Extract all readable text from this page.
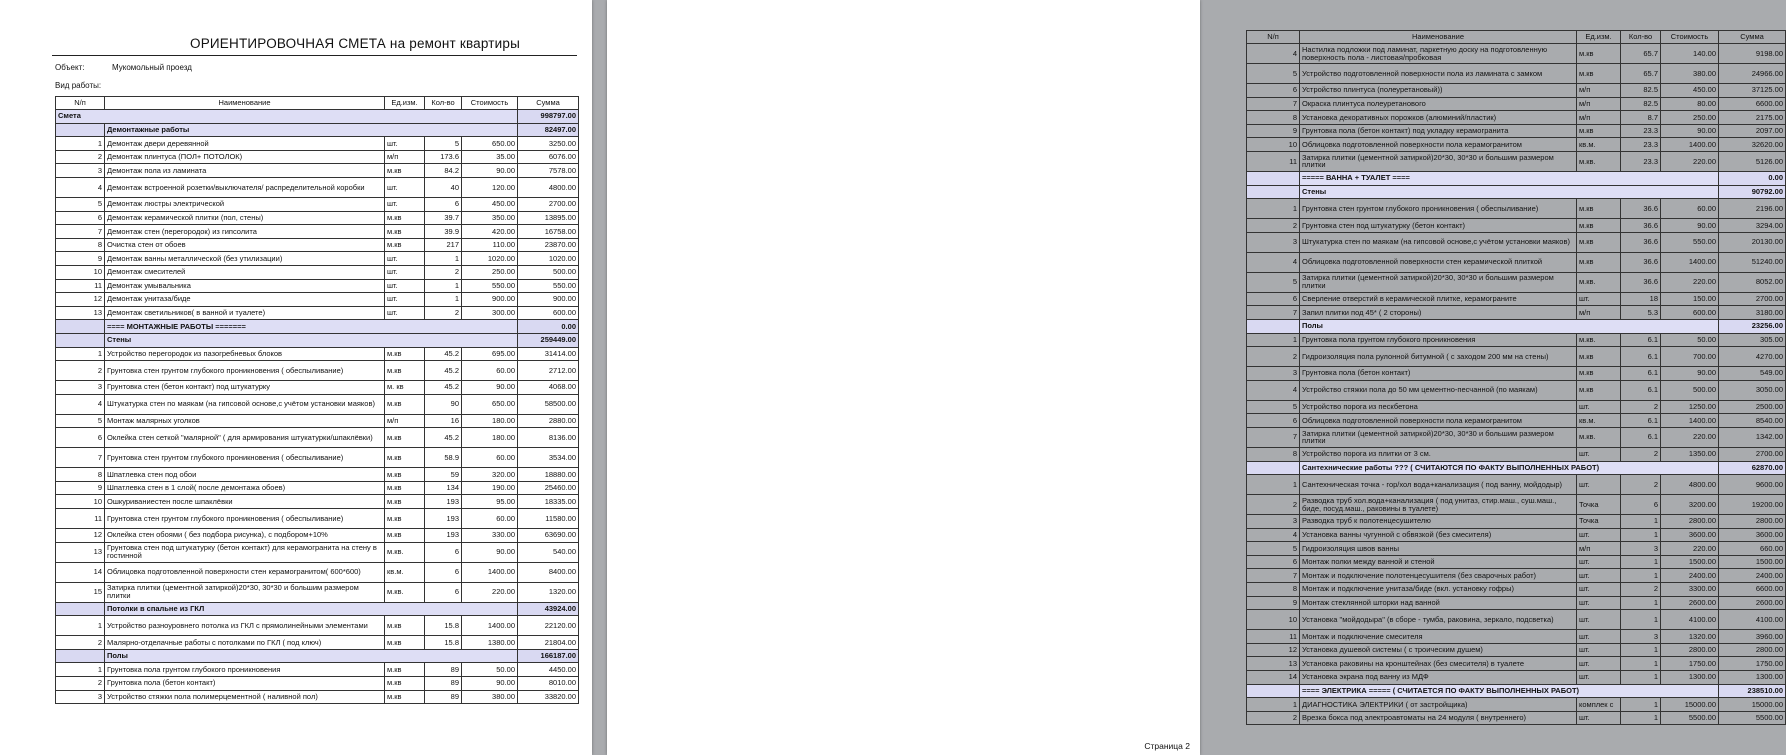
ОРИЕНТИРОВОЧНАЯ СМЕТА на ремонт квартиры
Объект:	Мукомольный проезд
Вид работы:
N/п	Наименование	Ед.изм.	Кол-во	Стоимость	Сумма
Смета					998797.00
	Демонтажные работы				82497.00
1	Демонтаж двери деревянной	шт.	5	650.00	3250.00
2	Демонтаж плинтуса (ПОЛ+ ПОТОЛОК)	м/п	173.6	35.00	6076.00
3	Демонтаж пола из ламината	м.кв	84.2	90.00	7578.00
4	Демонтаж встроенной розетки/выключателя/ распределительной коробки	шт.	40	120.00	4800.00
5	Демонтаж люстры электрической	шт.	6	450.00	2700.00
6	Демонтаж керамической плитки (пол, стены)	м.кв	39.7	350.00	13895.00
7	Демонтаж стен (перегородок) из гипсолита	м.кв	39.9	420.00	16758.00
8	Очистка стен от обоев	м.кв	217	110.00	23870.00
9	Демонтаж ванны металлической (без утилизации)	шт.	1	1020.00	1020.00
10	Демонтаж смесителей	шт.	2	250.00	500.00
11	Демонтаж умывальника	шт.	1	550.00	550.00
12	Демонтаж унитаза/биде	шт.	1	900.00	900.00
13	Демонтаж светильников( в ванной и туалете)	шт.	2	300.00	600.00
	==== МОНТАЖНЫЕ РАБОТЫ =======				0.00
	Стены				259449.00
1	Устройство перегородок из пазогребневых блоков	м.кв	45.2	695.00	31414.00
2	Грунтовка стен грунтом глубокого проникновения ( обеспыливание)	м.кв	45.2	60.00	2712.00
3	Грунтовка стен (бетон контакт) под штукатурку	м. кв	45.2	90.00	4068.00
4	Штукатурка стен по маякам (на гипсовой основе,с учётом установки маяков)	м.кв	90	650.00	58500.00
5	Монтаж малярных уголков	м/п	16	180.00	2880.00
6	Оклейка стен сеткой "малярной" ( для армирования штукатурки/шпаклёвки)	м.кв	45.2	180.00	8136.00
7	Грунтовка стен грунтом глубокого проникновения ( обеспыливание)	м.кв	58.9	60.00	3534.00
8	Шпатлевка стен под обои	м.кв	59	320.00	18880.00
9	Шпатлевка стен в 1 слой( после демонтажа обоев)	м.кв	134	190.00	25460.00
10	Ошкуриваниестен после шпаклёвки	м.кв	193	95.00	18335.00
11	Грунтовка стен грунтом глубокого проникновения ( обеспыливание)	м.кв	193	60.00	11580.00
12	Оклейка стен обоями ( без подбора рисунка), с подбором+10%	м.кв	193	330.00	63690.00
13	Грунтовка стен под штукатурку (бетон контакт) для керамогранита на стену в гостинной	м.кв.	6	90.00	540.00
14	Облицовка подготовленной поверхности стен керамогранитом( 600*600)	кв.м.	6	1400.00	8400.00
15	Затирка плитки (цементной затиркой)20*30, 30*30 и большим размером плитки	м.кв.	6	220.00	1320.00
	Потолки в спальне из ГКЛ				43924.00
1	Устройство разноуровнего потолка из ГКЛ с прямолинейными элементами	м.кв	15.8	1400.00	22120.00
2	Малярно-отделачные работы с потолками по ГКЛ ( под ключ)	м.кв	15.8	1380.00	21804.00
	Полы				166187.00
1	Грунтовка пола грунтом глубокого проникновения	м.кв	89	50.00	4450.00
2	Грунтовка пола (бетон контакт)	м.кв	89	90.00	8010.00
3	Устройство стяжки пола полимерцементной ( наливной пол)	м.кв	89	380.00	33820.00
N/п	Наименование	Ед.изм.	Кол-во	Стоимость	Сумма
4	Настилка подложки под ламинат, паркетную доску на подготовленную поверхность пола - листовая/пробковая	м.кв	65.7	140.00	9198.00
5	Устройство подготовленной поверхности пола из ламината с замком	м.кв	65.7	380.00	24966.00
6	Устройство плинтуса (полеуретановый))	м/п	82.5	450.00	37125.00
7	Окраска плинтуса полеуретанового	м/п	82.5	80.00	6600.00
8	Установка декоративных порожков (алюминий/пластик)	м/п	8.7	250.00	2175.00
9	Грунтовка пола (бетон контакт) под укладку керамогранита	м.кв	23.3	90.00	2097.00
10	Облицовка подготовленной поверхности пола керамогранитом	кв.м.	23.3	1400.00	32620.00
11	Затирка плитки (цементной затиркой)20*30, 30*30 и большим размером плитки	м.кв.	23.3	220.00	5126.00
	===== ВАННА + ТУАЛЕТ ====				0.00
	Стены				90792.00
1	Грунтовка стен грунтом глубокого проникновения ( обеспыливание)	м.кв	36.6	60.00	2196.00
2	Грунтовка стен под штукатурку (бетон контакт)	м.кв	36.6	90.00	3294.00
3	Штукатурка стен по маякам (на гипсовой основе,с учётом установки маяков)	м.кв	36.6	550.00	20130.00
4	Облицовка подготовленной поверхности стен керамической плиткой	м.кв	36.6	1400.00	51240.00
5	Затирка плитки (цементной затиркой)20*30, 30*30 и большим размером плитки	м.кв.	36.6	220.00	8052.00
6	Сверление отверстий в керамической плитке, керамограните	шт.	18	150.00	2700.00
7	Запил плитки под 45* ( 2 стороны)	м/п	5.3	600.00	3180.00
	Полы				23256.00
1	Грунтовка пола грунтом глубокого проникновения	м.кв.	6.1	50.00	305.00
2	Гидроизоляция пола рулонной битумной ( с заходом 200 мм на стены)	м.кв	6.1	700.00	4270.00
3	Грунтовка пола (бетон контакт)	м.кв	6.1	90.00	549.00
4	Устройство стяжки пола до 50 мм цементно-песчанной (по маякам)	м.кв	6.1	500.00	3050.00
5	Устройство порога из пескбетона	шт.	2	1250.00	2500.00
6	Облицовка подготовленной поверхности пола керамогранитом	кв.м.	6.1	1400.00	8540.00
7	Затирка плитки (цементной затиркой)20*30, 30*30 и большим размером плитки	м.кв.	6.1	220.00	1342.00
8	Устройство порога из плитки от 3 см.	шт.	2	1350.00	2700.00
	Сантехнические работы ??? ( СЧИТАЮТСЯ ПО ФАКТУ ВЫПОЛНЕННЫХ РАБОТ)				62870.00
1	Сантехническая точка - гор/хол вода+канализация ( под ванну, мойдодыр)	шт.	2	4800.00	9600.00
2	Разводка труб хол.вода+канализация ( под унитаз, стир.маш., суш.маш., биде, посуд.маш., раковины в туалете)	Точка	6	3200.00	19200.00
3	Разводка труб к полотенцесушителю	Точка	1	2800.00	2800.00
4	Установка ванны чугунной с обвязкой (без смесителя)	шт.	1	3600.00	3600.00
5	Гидроизоляция швов ванны	м/п	3	220.00	660.00
6	Монтаж полки между ванной и стеной	шт.	1	1500.00	1500.00
7	Монтаж и подключение полотенцесушителя (без сварочных работ)	шт.	1	2400.00	2400.00
8	Монтаж и подключение унитаза/биде (вкл. установку гофры)	шт.	2	3300.00	6600.00
9	Монтаж стеклянной шторки над ванной	шт.	1	2600.00	2600.00
10	Установка "мойдодыра" (в сборе - тумба, раковина, зеркало, подсветка)	шт.	1	4100.00	4100.00
11	Монтаж и подключение смесителя	шт.	3	1320.00	3960.00
12	Установка душевой системы ( с троическим душем)	шт.	1	2800.00	2800.00
13	Установка раковины на кронштейнах (без смесителя) в туалете	шт.	1	1750.00	1750.00
14	Установка экрана под ванну из МДФ	шт.	1	1300.00	1300.00
	==== ЭЛЕКТРИКА ===== ( СЧИТАЕТСЯ ПО ФАКТУ ВЫПОЛНЕННЫХ РАБОТ)				238510.00
1	ДИАГНОСТИКА ЭЛЕКТРИКИ ( от застройщика)	комплек с	1	15000.00	15000.00
2	Врезка бокса под электроавтоматы на 24 модуля ( внутреннего)	шт.	1	5500.00	5500.00
Страница 2
